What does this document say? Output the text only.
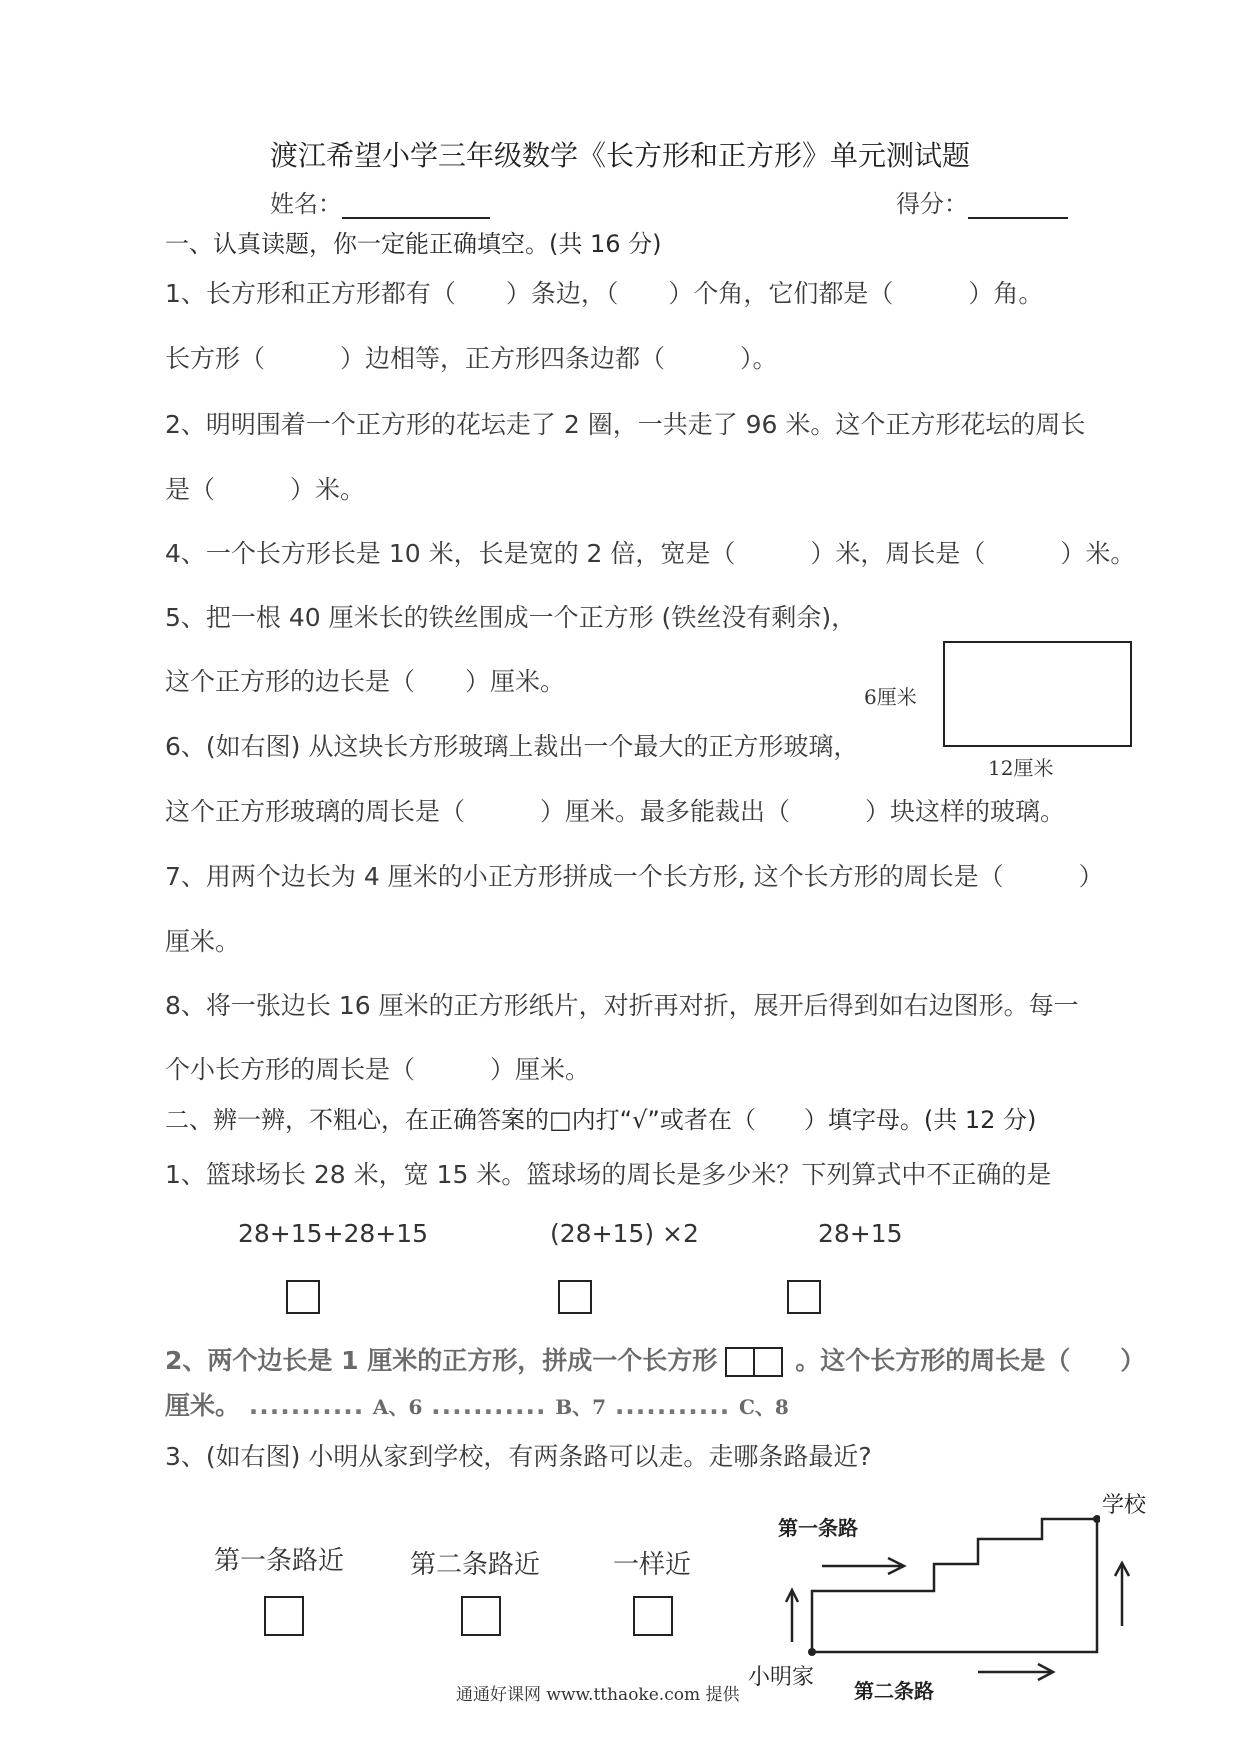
渡江希望小学三年级数学《长方形和正方形》单元测试题
姓名：	得分：
一、认真读题，你一定能正确填空。(共 16 分)
1、长方形和正方形都有（　　）条边，（　　）个角，它们都是（　　　）角。
长方形（　　　）边相等，正方形四条边都（　　　）。
2、明明围着一个正方形的花坛走了 2 圈，一共走了 96 米。这个正方形花坛的周长
是（　　　）米。
4、一个长方形长是 10 米，长是宽的 2 倍，宽是（　　　）米，周长是（　　　）米。
5、把一根 40 厘米长的铁丝围成一个正方形 (铁丝没有剩余)，
这个正方形的边长是（　　）厘米。
6、(如右图) 从这块长方形玻璃上裁出一个最大的正方形玻璃，
这个正方形玻璃的周长是（　　　）厘米。最多能裁出（　　　）块这样的玻璃。
7、用两个边长为 4 厘米的小正方形拼成一个长方形, 这个长方形的周长是（　　　）
厘米。
8、将一张边长 16 厘米的正方形纸片，对折再对折，展开后得到如右边图形。每一
个小长方形的周长是（　　　）厘米。
6厘米
12厘米
二、辨一辨，不粗心，在正确答案的□内打“√”或者在（　　）填字母。(共 12 分)
1、篮球场长 28 米，宽 15 米。篮球场的周长是多少米？下列算式中不正确的是
28+15+28+15	(28+15) ×2	28+15
2、两个边长是 1 厘米的正方形，拼成一个长方形	。这个长方形的周长是（　　）
厘米。 ........... A、6 ........... B、7 ........... C、8
3、(如右图) 小明从家到学校，有两条路可以走。走哪条路最近?
第一条路近	第二条路近	一样近
第一条路
学校
小明家
第二条路
通通好课网 www.tthaoke.com 提供
